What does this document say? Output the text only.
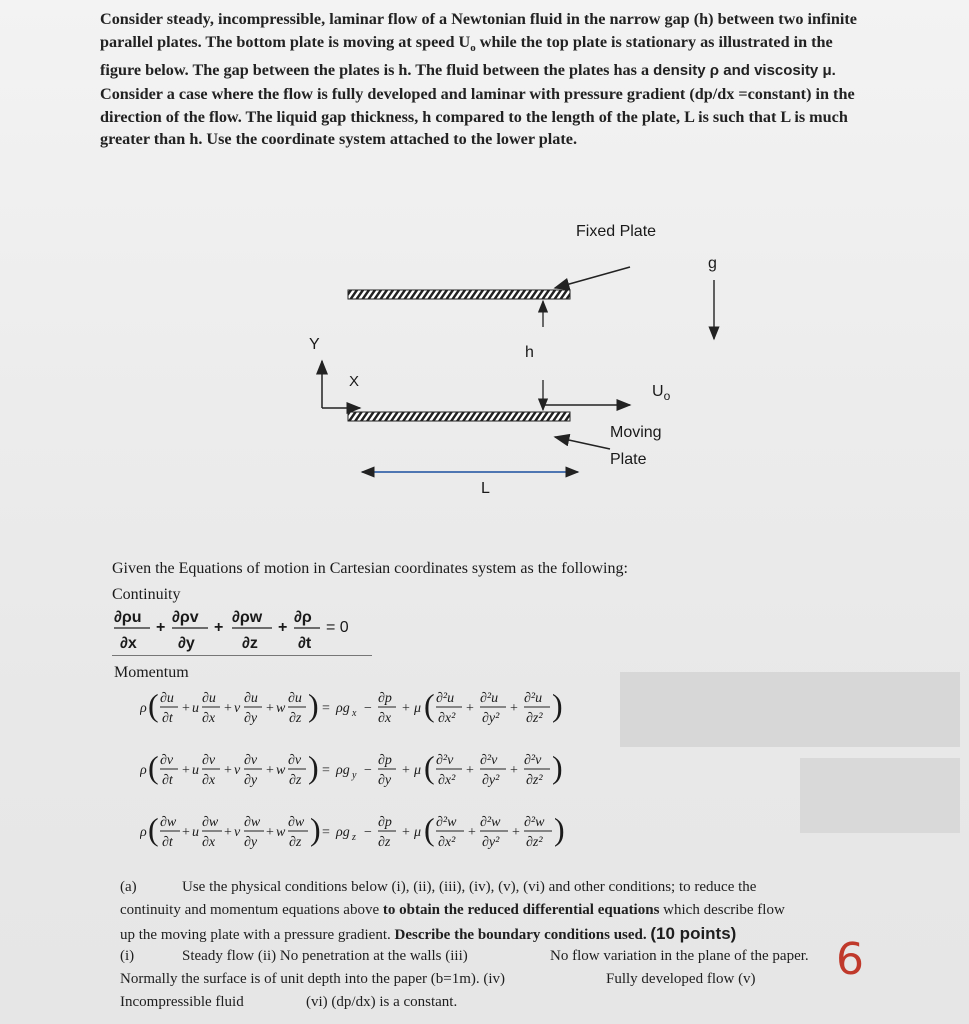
Consider steady, incompressible, laminar flow of a Newtonian fluid in the narrow gap (h) between two infinite

parallel plates. The bottom plate is moving at speed $U_o$ while the top plate is stationary as illustrated in the

figure below. The gap between the plates is h. The fluid between the plates has a density ρ and viscosity μ.

Consider a case where the flow is fully developed and laminar with pressure gradient (dp/dx =constant) in the

direction of the flow. The liquid gap thickness, h compared to the length of the plate, L is such that L is much

greater than h. Use the coordinate system attached to the lower plate.

Fixed Plate
g
Y
X
h
$U_o$
Moving
Plate
L
Given the Equations of motion in Cartesian coordinates system as the following:
Continuity
∂ρu
∂x
+
∂ρv
∂y
+
∂ρw
∂z
+
∂ρ
∂t
= 0
Momentum
ρ ( ∂u
∂t
+ u
∂u
∂x
+ v
∂u
∂y
+ w
∂u
∂z ) = ρg x −
∂p
∂x
+ μ ( ∂²u
∂x²
+
∂²u
∂y²
+
∂²u
∂z² )
ρ ( ∂v
∂t
+ u
∂v
∂x
+ v
∂v
∂y
+ w
∂v
∂z ) = ρg y −
∂p
∂y
+ μ ( ∂²v
∂x²
+
∂²v
∂y²
+
∂²v
∂z² )
ρ ( ∂w
∂t
+ u
∂w
∂x
+ v
∂w
∂y
+ w
∂w
∂z ) = ρg z −
∂p
∂z
+ μ ( ∂²w
∂x²
+
∂²w
∂y²
+
∂²w
∂z² )
(a)	Use the physical conditions below (i), (ii), (iii), (iv), (v), (vi) and other conditions; to reduce the
continuity and momentum equations above to obtain the reduced differential equations which describe flow
up the moving plate with a pressure gradient. Describe the boundary conditions used. (10 points)
(i)	Steady flow (ii) No penetration at the walls (iii)	No flow variation in the plane of the paper.
Normally the surface is of unit depth into the paper (b=1m). (iv)	Fully developed flow (v)
Incompressible fluid	(vi) (dp/dx) is a constant.
6
